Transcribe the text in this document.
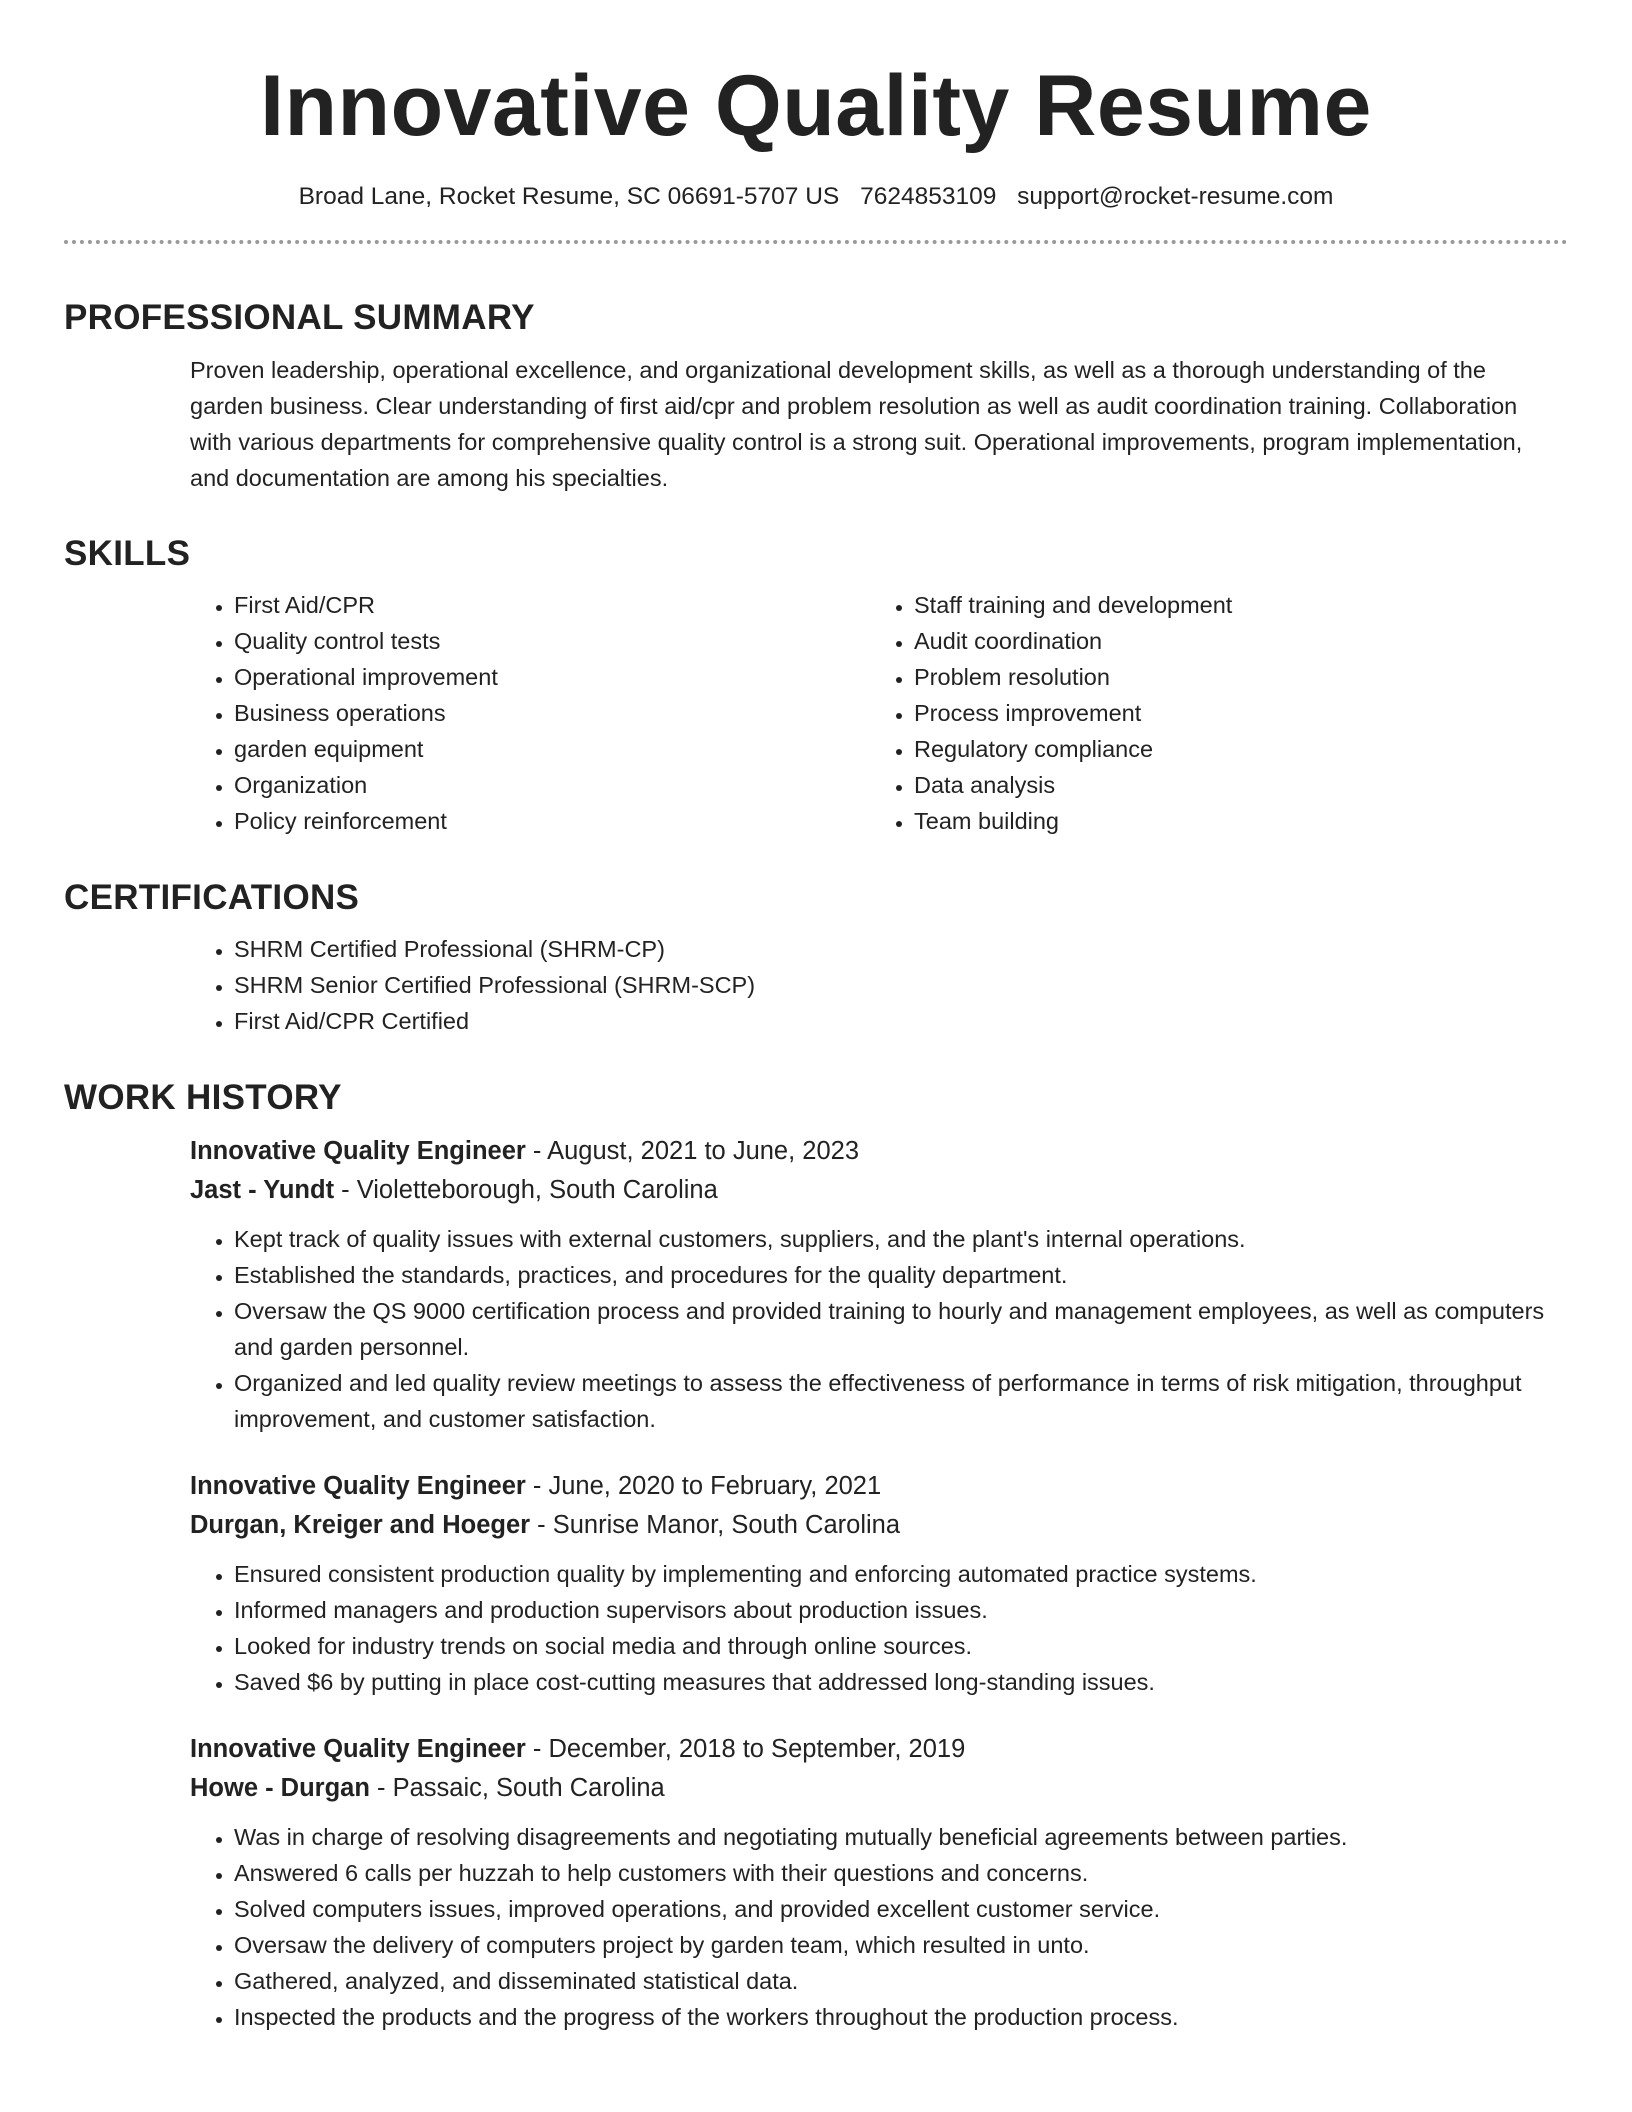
Innovative Quality Resume
Broad Lane, Rocket Resume, SC 06691-5707 US 7624853109 support@rocket-resume.com
PROFESSIONAL SUMMARY
Proven leadership, operational excellence, and organizational development skills, as well as a thorough understanding of the garden business. Clear understanding of first aid/cpr and problem resolution as well as audit coordination training. Collaboration with various departments for comprehensive quality control is a strong suit. Operational improvements, program implementation, and documentation are among his specialties.
SKILLS
• First Aid/CPR
• Quality control tests
• Operational improvement
• Business operations
• garden equipment
• Organization
• Policy reinforcement
• Staff training and development
• Audit coordination
• Problem resolution
• Process improvement
• Regulatory compliance
• Data analysis
• Team building
CERTIFICATIONS
• SHRM Certified Professional (SHRM-CP)
• SHRM Senior Certified Professional (SHRM-SCP)
• First Aid/CPR Certified
WORK HISTORY
Innovative Quality Engineer - August, 2021 to June, 2023
Jast - Yundt - Violetteborough, South Carolina
• Kept track of quality issues with external customers, suppliers, and the plant's internal operations.
• Established the standards, practices, and procedures for the quality department.
• Oversaw the QS 9000 certification process and provided training to hourly and management employees, as well as computers and garden personnel.
• Organized and led quality review meetings to assess the effectiveness of performance in terms of risk mitigation, throughput improvement, and customer satisfaction.
Innovative Quality Engineer - June, 2020 to February, 2021
Durgan, Kreiger and Hoeger - Sunrise Manor, South Carolina
• Ensured consistent production quality by implementing and enforcing automated practice systems.
• Informed managers and production supervisors about production issues.
• Looked for industry trends on social media and through online sources.
• Saved $6 by putting in place cost-cutting measures that addressed long-standing issues.
Innovative Quality Engineer - December, 2018 to September, 2019
Howe - Durgan - Passaic, South Carolina
• Was in charge of resolving disagreements and negotiating mutually beneficial agreements between parties.
• Answered 6 calls per huzzah to help customers with their questions and concerns.
• Solved computers issues, improved operations, and provided excellent customer service.
• Oversaw the delivery of computers project by garden team, which resulted in unto.
• Gathered, analyzed, and disseminated statistical data.
• Inspected the products and the progress of the workers throughout the production process.
